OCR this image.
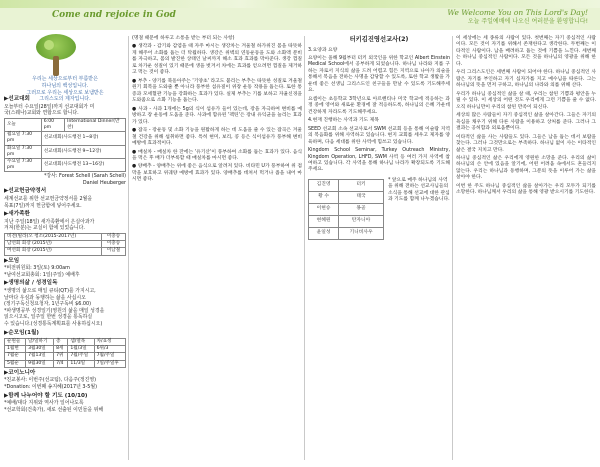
Come and rejoice in God	We Welcome You on This Lord's Day!
오늘 주일예배에 나오신 여러분을 환영합니다!
우리는 세상으로부터 부름받은
하나님의 백성입니다.
그러므로 우리는 세상으로 보냄받은
그리스도의 제자입니다.
▶선교대회
오늘부터 수요일(28일)까지 선교대회가 미
국(스웨나)교회와 연합으로 합니다.
오늘	6:00 pm	International Dinner(만찬)
월요일 7:30 pm	선교대회(사도행전 1~8장)	
화요일 7:30 pm	선교대회(사도행전 9~12장)	
수요일 7:30 pm	선교대회(사도행전 13~16장)	
*강사: Forest Schell (Sarah Schell)
Daniel Heuberger
▶선교헌금약정서
세계선교를 위한 선교헌금약정서를 2월을
목표(7일)까지 헌금함에 넣어주세요.
▶새가족환
지난 주일(18일) 새가족환에서 은실아과가
겨져(한분)는 교실이 함에 있었습니다.
비전(빌라)오 청소(2015-2017년)	이충승
남선회 회장 (2015년)	이충승
여선회 회장 (2015년)	이남철
▶모임
*비전위원회: 3일(토) 9:00am
*남여선교회총회: 1일(주일) 예배후
▶생명의삶 / 성경일독
*생명의 삶으로 매일 큐티(QT)를 가지시고,
날마다 우심과 동행하는 삶을 사십시오
(정기구독신청요청자, 1년구독비 $6.00)
*파생명공부 성경일기(영원의 삶을 매일 성경을
읽으시고로, 일주일 한번 성경을 통독하실
수 있습니다.(성경통독계획표를 사용하십시오)
▶순모임(1월)
순원들	날/일하기	총	셈/열목	차/표정
1월현	3월30일	8세	1월/3일	6위/3
7월순	7월13일	7위	7월/주일	7월/주일
5월순	9월30일	7/4	11/3일	7일/주일후
▶코이노니아
*친교봉사: 이번주(선교팀), 다음주(정진영)
*Donation: 이번째 송지혜(2017년 3-5월)
▶함께 나누어야 할 기도 (10/10)
*예배/대다 지위와 역사가 일어나도록
*선교학회(건축가), 새로 선출된 이민들을 위해
(명절 때문에 하루고 소통을 받는 부터 되는 사항)
● 생각과 - 감기와 감염을 때 자주 마시는 생강차는 겨울철 하가위진 몸을 따뜻하게 해주어 소화를 돕는 더 탁월하다. 생강은 위벽의 연동운동을 도와 소화액 분비를 자극하고, 몸의 발진한 상태인 날씨까지 해소 효과 효과를 막아준다. 생강 껍질로 차가운 성질이 있기 때문에 생을 벗겨서 차에는 효과를 얻으려면 껍질을 제거하고 먹는 것이 좋다.
● 부추 - 양기를 북돋아주는 '기양초' 라고도 불리는 부추는 따뜻한 성질로 겨울철 원기 회복을 도와줄 뿐 아니라 풍부한 섬유질이 위장 운동 작용을 돕는다. 또한 통증과 모세혈관 기능을 강화하는 효과가 있다. 실제 부추는 기를 보하고 자율신경을 도와줌으로 소화 기능을 돕는다.
● 사과 - 사과 1개에는 5g의 식이 섬유가 들어 있는데, 장을 자극하여 변비를 예방하고 장 운동에 도움을 준다. 사과에 함유된 '펙틴'은 장내 유익균을 늘리는 효과가 있다.
● 잡곡 - 장운동 및 소화 기능을 원활하게 하는 데 도움을 줄 수 있는 잡곡은 겨울철 건강을 위해 섭취하면 좋다. 특히 현미, 보리, 콩 등은 식이섬유가 풍부해 변비 예방에 효과적이다.
● 매실차 - 매실차 한 잔에는 '유기산'이 풍부하여 소화를 돕는 효과가 있다. 음식을 먹은 후 배가 더부룩할 때 매실차를 마시면 좋다.
● 양배추 - 양배추는 위에 좋은 음식으로 알려져 있다. 비타민 U가 풍부하여 위 점막을 보호하고 위궤양 예방에 효과가 있다. 양배추를 데쳐서 먹거나 즙을 내어 마시면 좋다.
터키김진영선교사(2)
3.요양과 요양
요양이는 올해 9월부터 터키 외국인을 위한 학교인 Albert Einstein Medical School에서 공부하게 되었습니다. 하나님 나라와 지를 구하는 자로서 지식의 삶을 드려 어렵고 힘든 지역으로 나아가 의술을 통해서 복음을 전하는 사명을 감당할 수 있도록, 또한 학교 생활을 가운데 좋은 선생님 그리스도인 친구들을 만날 수 있도록 기도해주세요.
요셉이는 초등학교 3학년으로 아르헨티나 미국 학교에 적응하는 과정 중에 영어와 새로운 환경에 잘 적응하도록, 하나님의 은혜 가운데 건강하게 자라도록 기도해주세요.
4.현재 진행하는 사역과 기도 제목
SEED 선교회 소속 선교사로서 SWM 선교회 등을 통해 이슬람 지역의 복음화를 위해 사역하고 있습니다. 현지 교회를 세우고 제자를 양육하며, 다음 세대를 위한 사역에 힘쓰고 있습니다.
Kingdom School Seminar, Turkey Outreach Ministry, Kingdom Operation, LHFD, SWM 사역 등 여러 가지 사역에 참여하고 있습니다. 각 사역을 통해 하나님 나라가 확장되도록 기도해주세요.
김진영	터키
황 수	태국
이현승	몽골
현혜원	탄자니아
윤일성	기니비사우
* 앞으로 매주 하나님의 사역을 위해 전하는 선교사님들의 소식을 통해 선교에 대한 관심과 기도를 함께 나누겠습니다.
이 세상에는 세 종류의 사람이 있다. 첫번째는 자기 중심적인 사람이다. 모든 것이 자기를 위해서 존재한다고 생각한다. 두번째는 이타적인 사람이다. 남을 배려하고 돕는 것에 기쁨을 느낀다. 세번째는 하나님 중심적인 사람이다. 모든 것을 하나님의 영광을 위해 한다.
우리 그리스도인은 세번째 사람이 되어야 한다. 하나님 중심적인 사람은 자기를 부인하고 자기 십자가를 지고 예수님을 따른다. 그는 하나님의 뜻을 먼저 구하고, 하나님의 나라와 의를 위해 산다.
우리가 하나님 중심적인 삶을 살 때, 우리는 참된 기쁨과 평안을 누릴 수 있다. 이 세상의 어떤 것도 우리에게 그런 기쁨을 줄 수 없다. 오직 하나님만이 우리의 참된 만족이 되신다.
세상의 많은 사람들이 자기 중심적인 삶을 살아간다. 그들은 자기의 욕심을 채우기 위해 다른 사람을 이용하고 상처를 준다. 그러나 그 결과는 공허함과 외로움뿐이다.
이타적인 삶을 사는 사람들도 있다. 그들은 남을 돕는 데서 보람을 찾는다. 그러나 그것만으로는 부족하다. 하나님 없이 사는 이타적인 삶은 결국 지치고 만다.
하나님 중심적인 삶은 우리에게 영원한 소망을 준다. 우리의 삶이 하나님의 손 안에 있음을 알기에, 어떤 어려움 속에서도 흔들리지 않는다. 우리는 하나님과 동행하며, 그분의 뜻을 이루어 가는 삶을 살아야 한다.
이번 한 주도 하나님 중심적인 삶을 살아가는 우리 모두가 되기를 소망한다. 하나님께서 우리의 삶을 통해 영광 받으시기를 기도한다.
